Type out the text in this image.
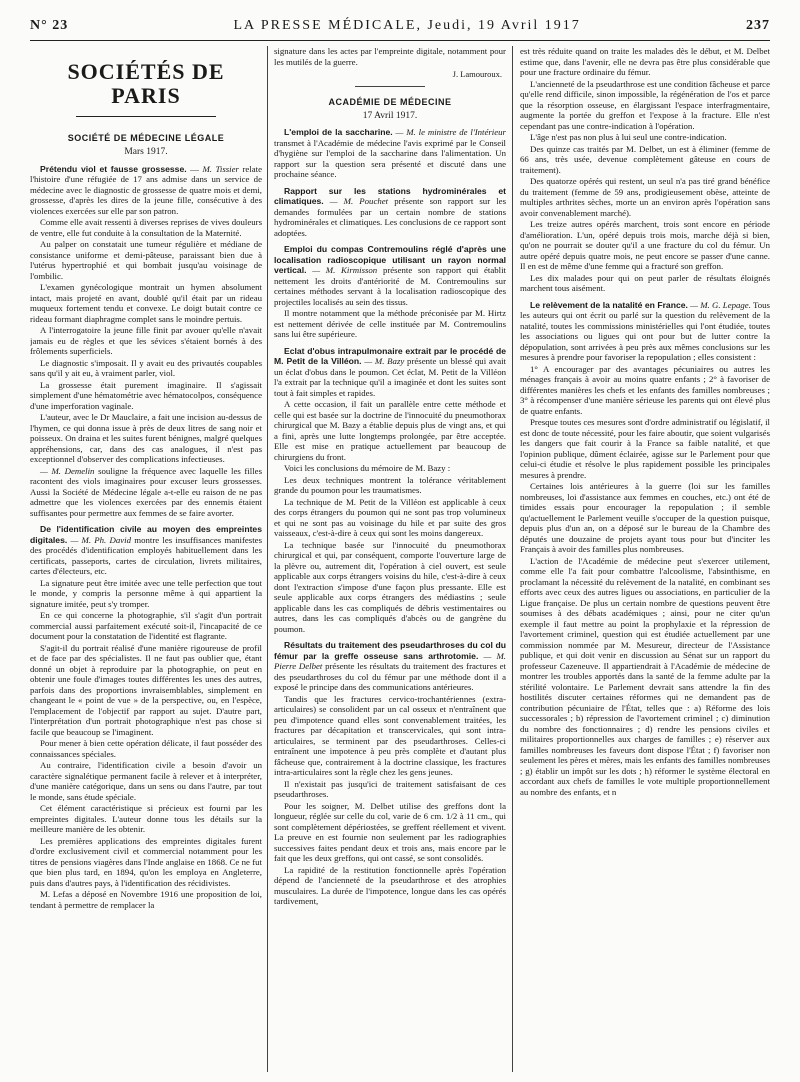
N° 23	LA PRESSE MÉDICALE, Jeudi, 19 Avril 1917	237
SOCIÉTÉS DE PARIS
SOCIÉTÉ DE MÉDECINE LÉGALE
Mars 1917.

Prétendu viol et fausse grossesse. — M. Tissier relate l'histoire d'une réfugiée de 17 ans admise dans un service de médecine avec le diagnostic de grossesse de quatre mois et demi, grossesse, d'après les dires de la jeune fille, consécutive à des violences exercées sur elle par son patron.

Comme elle avait ressenti à diverses reprises de vives douleurs de ventre, elle fut conduite à la consultation de la Maternité.

Au palper on constatait une tumeur régulière et médiane de consistance uniforme et demi-pâteuse, paraissant bien due à l'utérus hypertrophié et qui bombait jusqu'au voisinage de l'ombilic.

L'examen gynécologique montrait un hymen absolument intact, mais projeté en avant, doublé qu'il était par un rideau muqueux fortement tendu et convexe. Le doigt butait contre ce rideau formant diaphragme complet sans le moindre pertuis.

A l'interrogatoire la jeune fille finit par avouer qu'elle n'avait jamais eu de règles et que les sévices s'étaient bornés à des frôlements superficiels.

Le diagnostic s'imposait. Il y avait eu des privautés coupables sans qu'il y ait eu, à vraiment parler, viol.

La grossesse était purement imaginaire. Il s'agissait simplement d'une hématométrie avec hématocolpos, conséquence d'une imperforation vaginale.

L'auteur, avec le Dr Mauclaire, a fait une incision au-dessus de l'hymen, ce qui donna issue à près de deux litres de sang noir et poisseux. On draina et les suites furent bénignes, malgré quelques appréhensions, car, dans des cas analogues, il n'est pas exceptionnel d'observer des complications infectieuses.

— M. Demelin souligne la fréquence avec laquelle les filles racontent des viols imaginaires pour excuser leurs grossesses. Aussi la Société de Médecine légale a-t-elle eu raison de ne pas admettre que les violences exercées par des ennemis étaient suffisantes pour permettre aux femmes de se faire avorter.

De l'identification civile au moyen des empreintes digitales. — M. Ph. David montre les insuffisances manifestes des procédés d'identification employés habituellement dans les certificats, passeports, cartes de circulation, livrets militaires, cartes d'électeurs, etc.

La signature peut être imitée avec une telle perfection que tout le monde, y compris la personne même à qui appartient la signature imitée, peut s'y tromper.

En ce qui concerne la photographie, s'il s'agit d'un portrait commercial aussi parfaitement exécuté soit-il, l'incapacité de ce document pour la constatation de l'identité est flagrante.

S'agit-il du portrait réalisé d'une manière rigoureuse de profil et de face par des spécialistes. Il ne faut pas oublier que, étant donné un objet à reproduire par la photographie, on peut en obtenir une foule d'images toutes différentes les unes des autres, parfois dans des proportions invraisemblables, simplement en changeant le « point de vue » de la perspective, ou, en l'espèce, l'emplacement de l'objectif par rapport au sujet. D'autre part, l'interprétation d'un portrait photographique n'est pas chose si facile que beaucoup se l'imaginent.

Pour mener à bien cette opération délicate, il faut posséder des connaissances spéciales.

Au contraire, l'identification civile a besoin d'avoir un caractère signalétique permanent facile à relever et à interpréter, d'une manière catégorique, dans un sens ou dans l'autre, par tout le monde, sans étude spéciale.

Cet élément caractéristique si précieux est fourni par les empreintes digitales. L'auteur donne tous les détails sur la meilleure manière de les obtenir.

Les premières applications des empreintes digitales furent d'ordre exclusivement civil et commercial notamment pour les titres de pensions viagères dans l'Inde anglaise en 1868. Ce ne fut que bien plus tard, en 1894, qu'on les employa en Angleterre, puis dans d'autres pays, à l'identification des récidivistes.

M. Lefas a déposé en Novembre 1916 une proposition de loi, tendant à permettre de remplacer la

signature dans les actes par l'empreinte digitale, notamment pour les mutilés de la guerre.

J. Lamouroux.
ACADÉMIE DE MÉDECINE
17 Avril 1917.

L'emploi de la saccharine. — M. le ministre de l'Intérieur transmet à l'Académie de médecine l'avis exprimé par le Conseil d'hygiène sur l'emploi de la saccharine dans l'alimentation. Un rapport sur la question sera présenté et discuté dans une prochaine séance.

Rapport sur les stations hydrominérales et climatiques. — M. Pouchet présente son rapport sur les demandes formulées par un certain nombre de stations hydrominérales et climatiques. Les conclusions de ce rapport sont adoptées.

Emploi du compas Contremoulins réglé d'après une localisation radioscopique utilisant un rayon normal vertical. — M. Kirmisson présente son rapport qui établit nettement les droits d'antériorité de M. Contremoulins sur certaines méthodes servant à la localisation radioscopique des projectiles localisés au sein des tissus.

Il montre notamment que la méthode préconisée par M. Hirtz est nettement dérivée de celle instituée par M. Contremoulins sans lui être supérieure.

Eclat d'obus intrapulmonaire extrait par le procédé de M. Petit de la Villéon. — M. Bazy présente un blessé qui avait un éclat d'obus dans le poumon. Cet éclat, M. Petit de la Villéon l'a extrait par la technique qu'il a imaginée et dont les suites sont tout à fait simples et rapides.

A cette occasion, il fait un parallèle entre cette méthode et celle qui est basée sur la doctrine de l'innocuité du pneumothorax chirurgical que M. Bazy a établie depuis plus de vingt ans, et qui a fini, après une lutte longtemps prolongée, par être acceptée. Elle est mise en pratique actuellement par beaucoup de chirurgiens du front.

Voici les conclusions du mémoire de M. Bazy :

Les deux techniques montrent la tolérance véritablement grande du poumon pour les traumatismes.

La technique de M. Petit de la Villéon est applicable à ceux des corps étrangers du poumon qui ne sont pas trop volumineux et qui ne sont pas au voisinage du hile et par suite des gros vaisseaux, c'est-à-dire à ceux qui sont les moins dangereux.

La technique basée sur l'innocuité du pneumothorax chirurgical et qui, par conséquent, comporte l'ouverture large de la plèvre ou, autrement dit, l'opération à ciel ouvert, est seule applicable aux corps étrangers voisins du hile, c'est-à-dire à ceux dont l'extraction s'impose d'une façon plus pressante. Elle est seule applicable aux corps étrangers des médiastins ; seule applicable dans les cas compliqués de débris vestimentaires ou autres, dans les cas compliqués d'abcès ou de gangrène du poumon.

Résultats du traitement des pseudarthroses du col du fémur par la greffe osseuse sans arthrotomie. — M. Pierre Delbet présente les résultats du traitement des fractures et des pseudarthroses du col du fémur par une méthode dont il a exposé le principe dans des communications antérieures.

Tandis que les fractures cervico-trochantériennes (extra-articulaires) se consolident par un cal osseux et n'entraînent que peu d'impotence quand elles sont convenablement traitées, les fractures par décapitation et transcervicales, qui sont intra-articulaires, se terminent par des pseudarthroses. Celles-ci entraînent une impotence à peu près complète et d'autant plus fâcheuse que, contrairement à la doctrine classique, les fractures intra-articulaires sont la règle chez les gens jeunes.

Il n'existait pas jusqu'ici de traitement satisfaisant de ces pseudarthroses.

Pour les soigner, M. Delbet utilise des greffons dont la longueur, réglée sur celle du col, varie de 6 cm. 1/2 à 11 cm., qui sont complètement dépériostées, se greffent réellement et vivent. La preuve en est fournie non seulement par les radiographies successives faites pendant deux et trois ans, mais encore par le fait que les deux greffons, qui ont cassé, se sont consolidés.

La rapidité de la restitution fonctionnelle après l'opération dépend de l'ancienneté de la pseudarthrose et des atrophies musculaires. La durée de l'impotence, longue dans les cas opérés tardivement,

est très réduite quand on traite les malades dès le début, et M. Delbet estime que, dans l'avenir, elle ne devra pas être plus considérable que pour une fracture ordinaire du fémur.

L'ancienneté de la pseudarthrose est une condition fâcheuse et parce qu'elle rend difficile, sinon impossible, la régénération de l'os et parce que la résorption osseuse, en élargissant l'espace interfragmentaire, augmente la portée du greffon et l'expose à la fracture. Elle n'est cependant pas une contre-indication à l'opération.

L'âge n'est pas non plus à lui seul une contre-indication.

Des quinze cas traités par M. Delbet, un est à éliminer (femme de 66 ans, très usée, devenue complètement gâteuse en cours de traitement).

Des quatorze opérés qui restent, un seul n'a pas tiré grand bénéfice du traitement (femme de 59 ans, prodigieusement obèse, atteinte de multiples arthrites sèches, morte un an environ après l'opération sans avoir convenablement marché).

Les treize autres opérés marchent, trois sont encore en période d'amélioration. L'un, opéré depuis trois mois, marche déjà si bien, qu'on ne pourrait se douter qu'il a une fracture du col du fémur. Un autre opéré depuis quatre mois, ne peut encore se passer d'une canne. Il en est de même d'une femme qui a fracturé son greffon.

Les dix malades pour qui on peut parler de résultats éloignés marchent tous aisément.

Le relèvement de la natalité en France. — M. G. Lepage. Tous les auteurs qui ont écrit ou parlé sur la question du relèvement de la natalité, toutes les commissions ministérielles qui l'ont étudiée, toutes les associations ou ligues qui ont pour but de lutter contre la dépopulation, sont arrivées à peu près aux mêmes conclusions sur les mesures à prendre pour favoriser la repopulation ; elles consistent :

1° A encourager par des avantages pécuniaires ou autres les ménages français à avoir au moins quatre enfants ; 2° à favoriser de différentes manières les chefs et les enfants des familles nombreuses ; 3° à récompenser d'une manière sérieuse les parents qui ont élevé plus de quatre enfants.

Presque toutes ces mesures sont d'ordre administratif ou législatif, il est donc de toute nécessité, pour les faire aboutir, que soient vulgarisés les dangers que fait courir à la France sa faible natalité, et que l'opinion publique, dûment éclairée, agisse sur le Parlement pour que celui-ci étudie et résolve le plus rapidement possible les principales mesures à prendre.

Certaines lois antérieures à la guerre (loi sur les familles nombreuses, loi d'assistance aux femmes en couches, etc.) ont été de timides essais pour encourager la repopulation ; il semble qu'actuellement le Parlement veuille s'occuper de la question puisque, depuis plus d'un an, on a déposé sur le bureau de la Chambre des députés une douzaine de projets ayant tous pour but d'inciter les Français à avoir des familles plus nombreuses.

L'action de l'Académie de médecine peut s'exercer utilement, comme elle l'a fait pour combattre l'alcoolisme, l'absinthisme, en proclamant la nécessité du relèvement de la natalité, en combinant ses efforts avec ceux des autres ligues ou associations, en particulier de la Ligue française. De plus un certain nombre de questions peuvent être soumises à des débats académiques ; ainsi, pour ne citer qu'un exemple il faut mettre au point la prophylaxie et la répression de l'avortement criminel, question qui est étudiée actuellement par une commission nommée par M. Mesureur, directeur de l'Assistance publique, et qui doit venir en discussion au Sénat sur un rapport du professeur Cazeneuve. Il appartiendrait à l'Académie de médecine de montrer les troubles apportés dans la santé de la femme adulte par la stérilité volontaire. Le Parlement devrait sans attendre la fin des hostilités discuter certaines réformes qui ne demandent pas de contribution pécuniaire de l'État, telles que : a) Réforme des lois successorales ; b) répression de l'avortement criminel ; c) diminution du nombre des fonctionnaires ; d) rendre les pensions civiles et militaires proportionnelles aux charges de familles ; e) réserver aux familles nombreuses les faveurs dont dispose l'État ; f) favoriser non seulement les pères et mères, mais les enfants des familles nombreuses ; g) établir un impôt sur les dots ; h) réformer le système électoral en accordant aux chefs de familles le vote multiple proportionnellement au nombre des enfants, et n
